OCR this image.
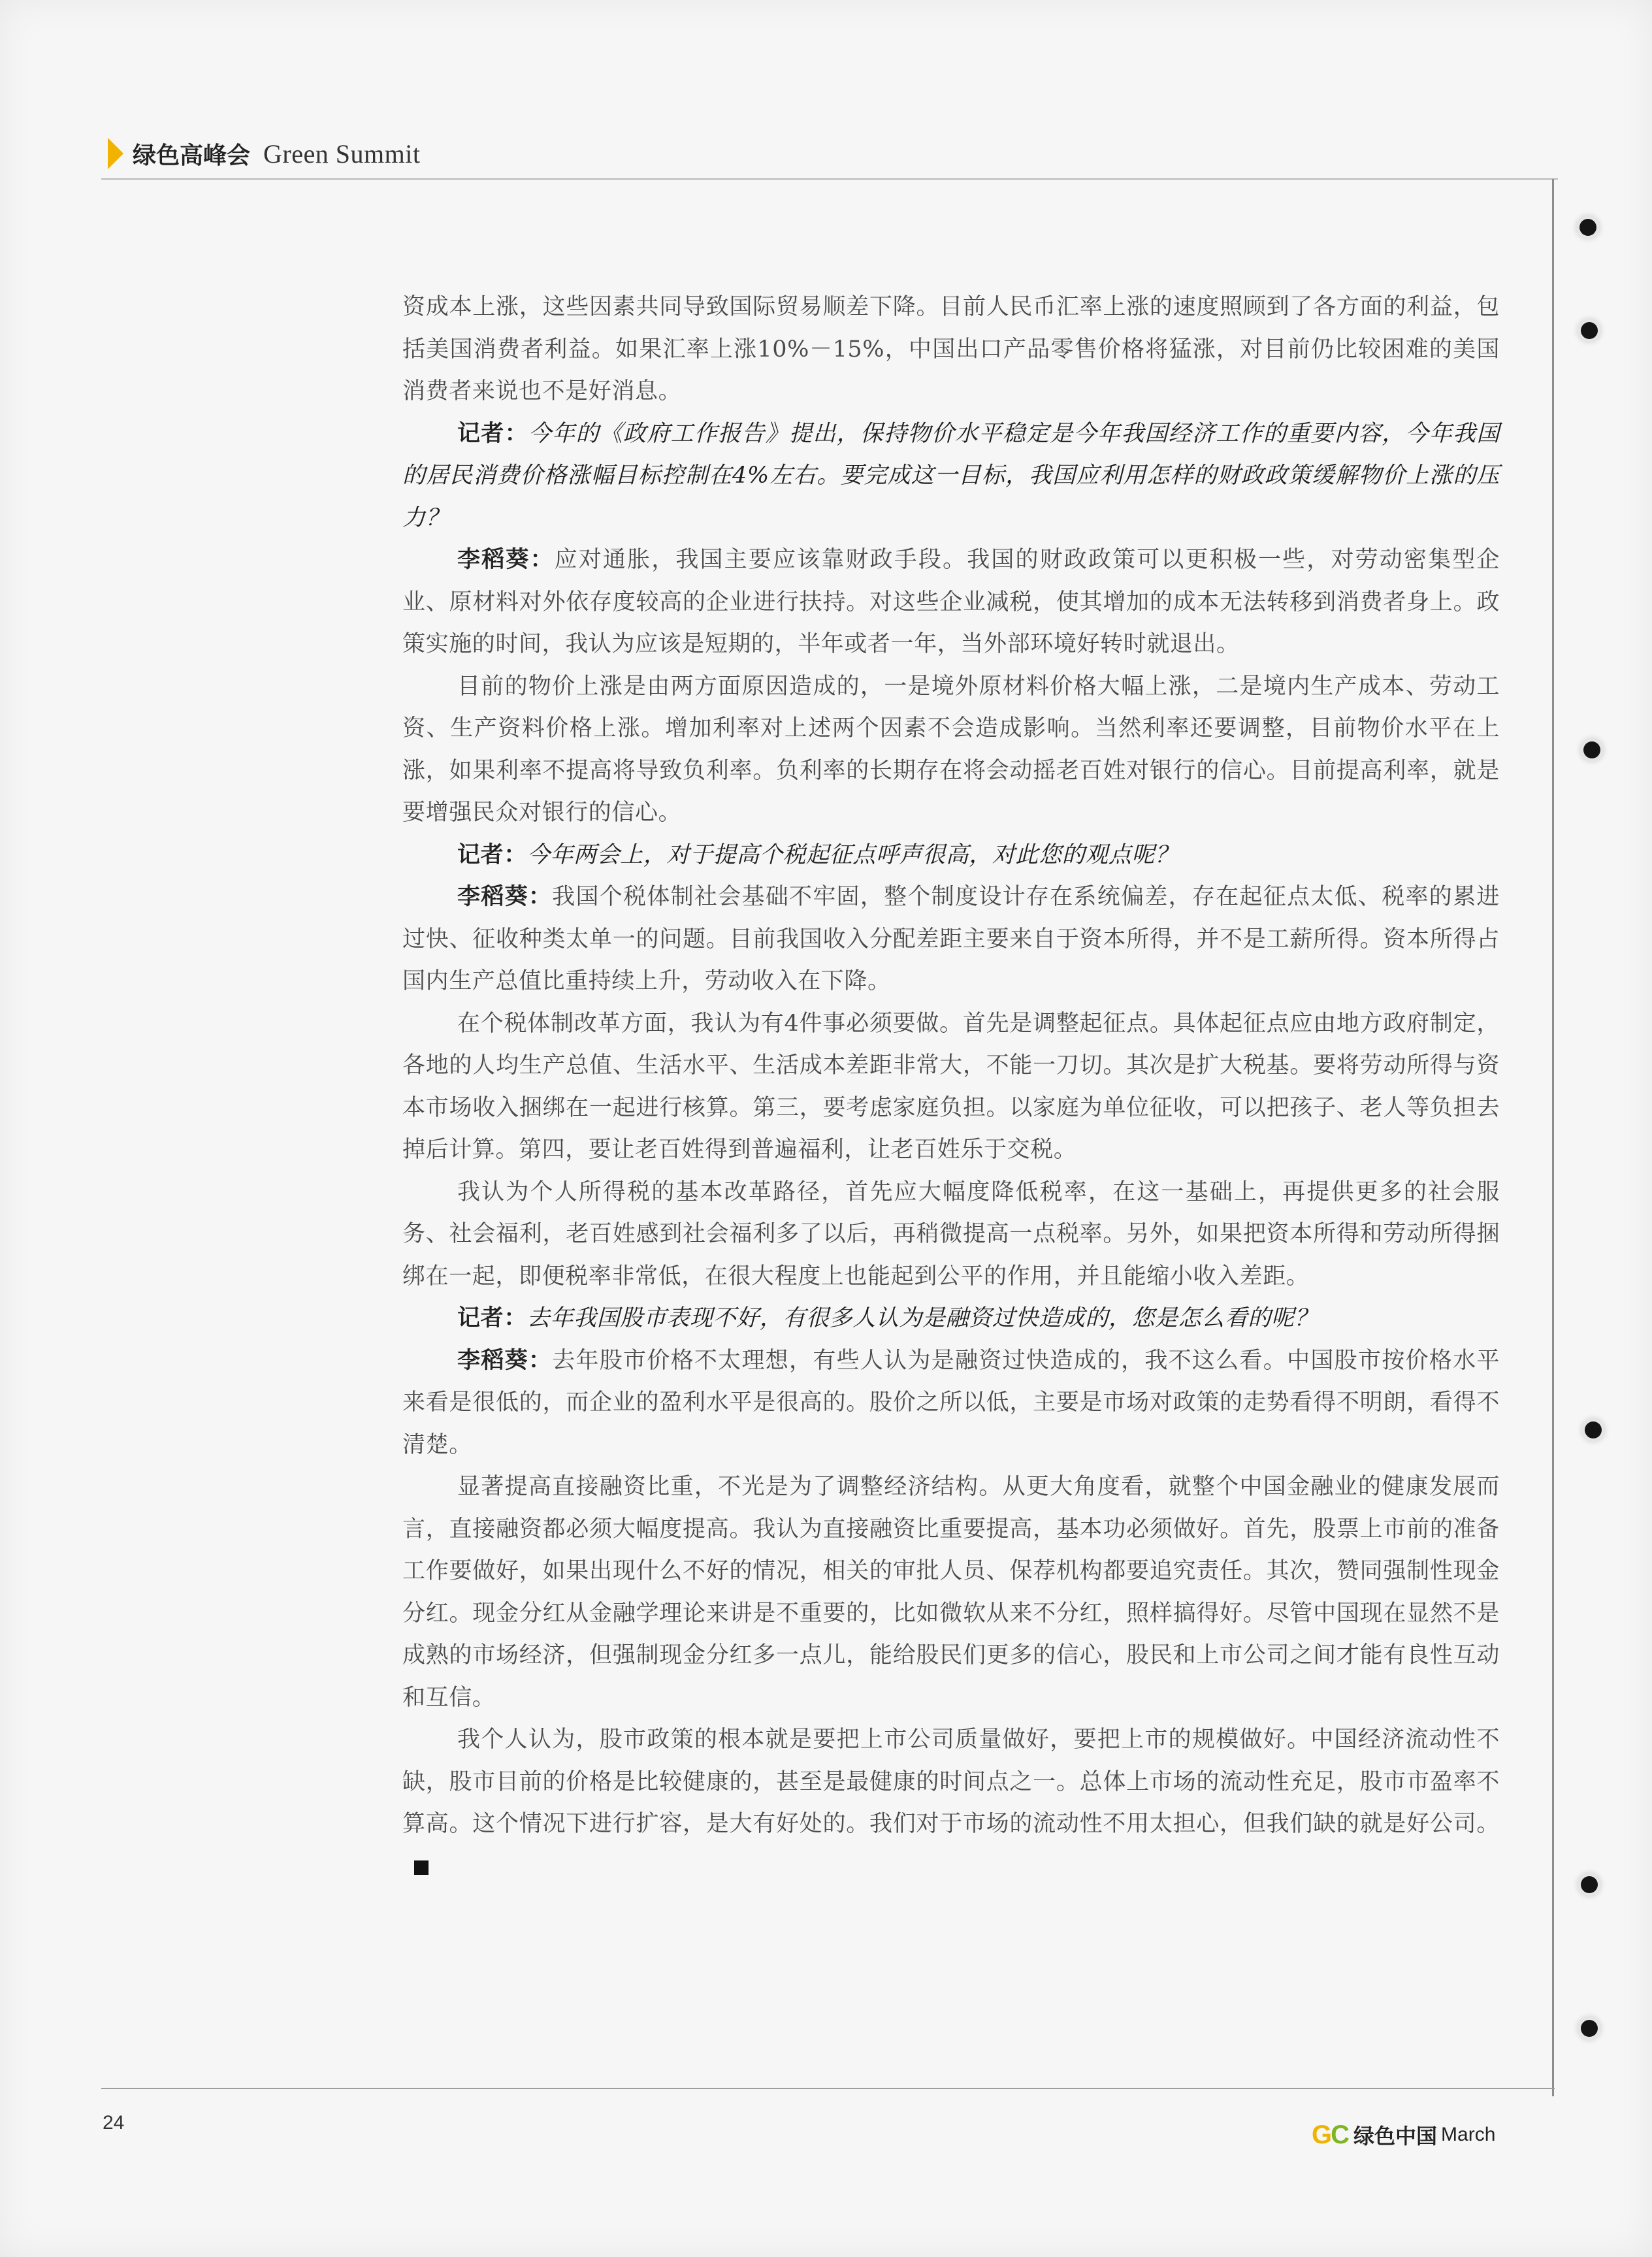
绿色高峰会 Green Summit

资成本上涨，这些因素共同导致国际贸易顺差下降。目前人民币汇率上涨的速度照顾到了各方面的利益，包括美国消费者利益。如果汇率上涨10%－15%，中国出口产品零售价格将猛涨，对目前仍比较困难的美国消费者来说也不是好消息。

记者：今年的《政府工作报告》提出，保持物价水平稳定是今年我国经济工作的重要内容，今年我国的居民消费价格涨幅目标控制在4%左右。要完成这一目标，我国应利用怎样的财政政策缓解物价上涨的压力？

李稻葵：应对通胀，我国主要应该靠财政手段。我国的财政政策可以更积极一些，对劳动密集型企业、原材料对外依存度较高的企业进行扶持。对这些企业减税，使其增加的成本无法转移到消费者身上。政策实施的时间，我认为应该是短期的，半年或者一年，当外部环境好转时就退出。

目前的物价上涨是由两方面原因造成的，一是境外原材料价格大幅上涨，二是境内生产成本、劳动工资、生产资料价格上涨。增加利率对上述两个因素不会造成影响。当然利率还要调整，目前物价水平在上涨，如果利率不提高将导致负利率。负利率的长期存在将会动摇老百姓对银行的信心。目前提高利率，就是要增强民众对银行的信心。

记者：今年两会上，对于提高个税起征点呼声很高，对此您的观点呢？

李稻葵：我国个税体制社会基础不牢固，整个制度设计存在系统偏差，存在起征点太低、税率的累进过快、征收种类太单一的问题。目前我国收入分配差距主要来自于资本所得，并不是工薪所得。资本所得占国内生产总值比重持续上升，劳动收入在下降。

在个税体制改革方面，我认为有4件事必须要做。首先是调整起征点。具体起征点应由地方政府制定，各地的人均生产总值、生活水平、生活成本差距非常大，不能一刀切。其次是扩大税基。要将劳动所得与资本市场收入捆绑在一起进行核算。第三，要考虑家庭负担。以家庭为单位征收，可以把孩子、老人等负担去掉后计算。第四，要让老百姓得到普遍福利，让老百姓乐于交税。

我认为个人所得税的基本改革路径，首先应大幅度降低税率，在这一基础上，再提供更多的社会服务、社会福利，老百姓感到社会福利多了以后，再稍微提高一点税率。另外，如果把资本所得和劳动所得捆绑在一起，即便税率非常低，在很大程度上也能起到公平的作用，并且能缩小收入差距。

记者：去年我国股市表现不好，有很多人认为是融资过快造成的，您是怎么看的呢？

李稻葵：去年股市价格不太理想，有些人认为是融资过快造成的，我不这么看。中国股市按价格水平来看是很低的，而企业的盈利水平是很高的。股价之所以低，主要是市场对政策的走势看得不明朗，看得不清楚。

显著提高直接融资比重，不光是为了调整经济结构。从更大角度看，就整个中国金融业的健康发展而言，直接融资都必须大幅度提高。我认为直接融资比重要提高，基本功必须做好。首先，股票上市前的准备工作要做好，如果出现什么不好的情况，相关的审批人员、保荐机构都要追究责任。其次，赞同强制性现金分红。现金分红从金融学理论来讲是不重要的，比如微软从来不分红，照样搞得好。尽管中国现在显然不是成熟的市场经济，但强制现金分红多一点儿，能给股民们更多的信心，股民和上市公司之间才能有良性互动和互信。

我个人认为，股市政策的根本就是要把上市公司质量做好，要把上市的规模做好。中国经济流动性不缺，股市目前的价格是比较健康的，甚至是最健康的时间点之一。总体上市场的流动性充足，股市市盈率不算高。这个情况下进行扩容，是大有好处的。我们对于市场的流动性不用太担心，但我们缺的就是好公司。

24	GC 绿色中国 March
